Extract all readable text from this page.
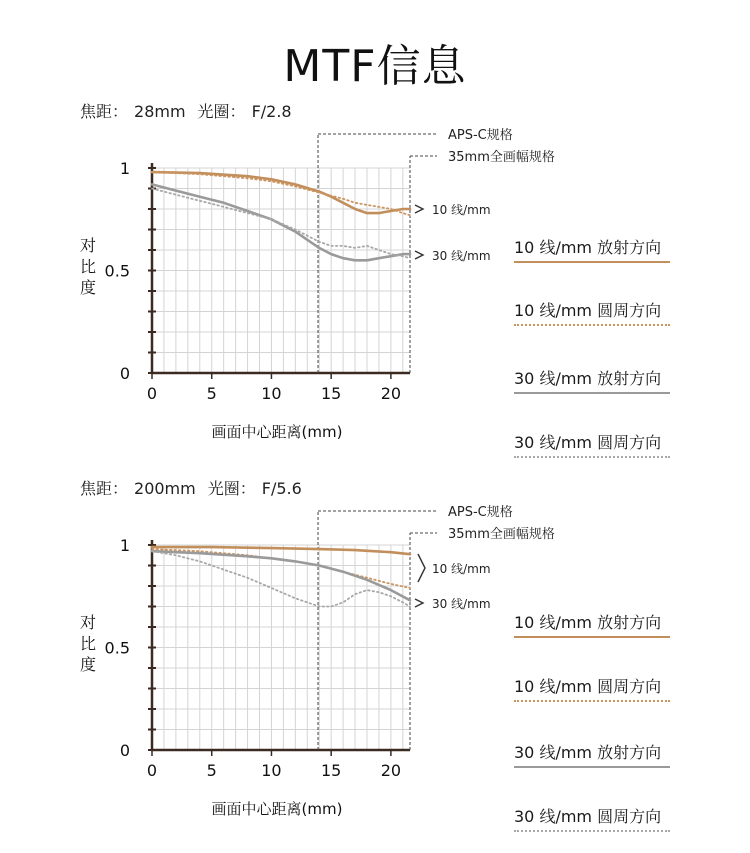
MTF信息
焦距： 28mm 光圈： F/2.8
APS-C规格
35mm全画幅规格
1
0.5
0
0	5	10 15 20
对
比
度
画面中心距离(mm)
10 线/mm
30 线/mm 10 线/mm 放射方向
10 线/mm 圆周方向
30 线/mm 放射方向
30 线/mm 圆周方向
焦距： 200mm 光圈： F/5.6
APS-C规格
35mm全画幅规格
1
0.5
0
0	5	10 15 20
对
比
度
画面中心距离(mm)
10 线/mm
30 线/mm
10 线/mm 放射方向
10 线/mm 圆周方向
30 线/mm 放射方向
30 线/mm 圆周方向
